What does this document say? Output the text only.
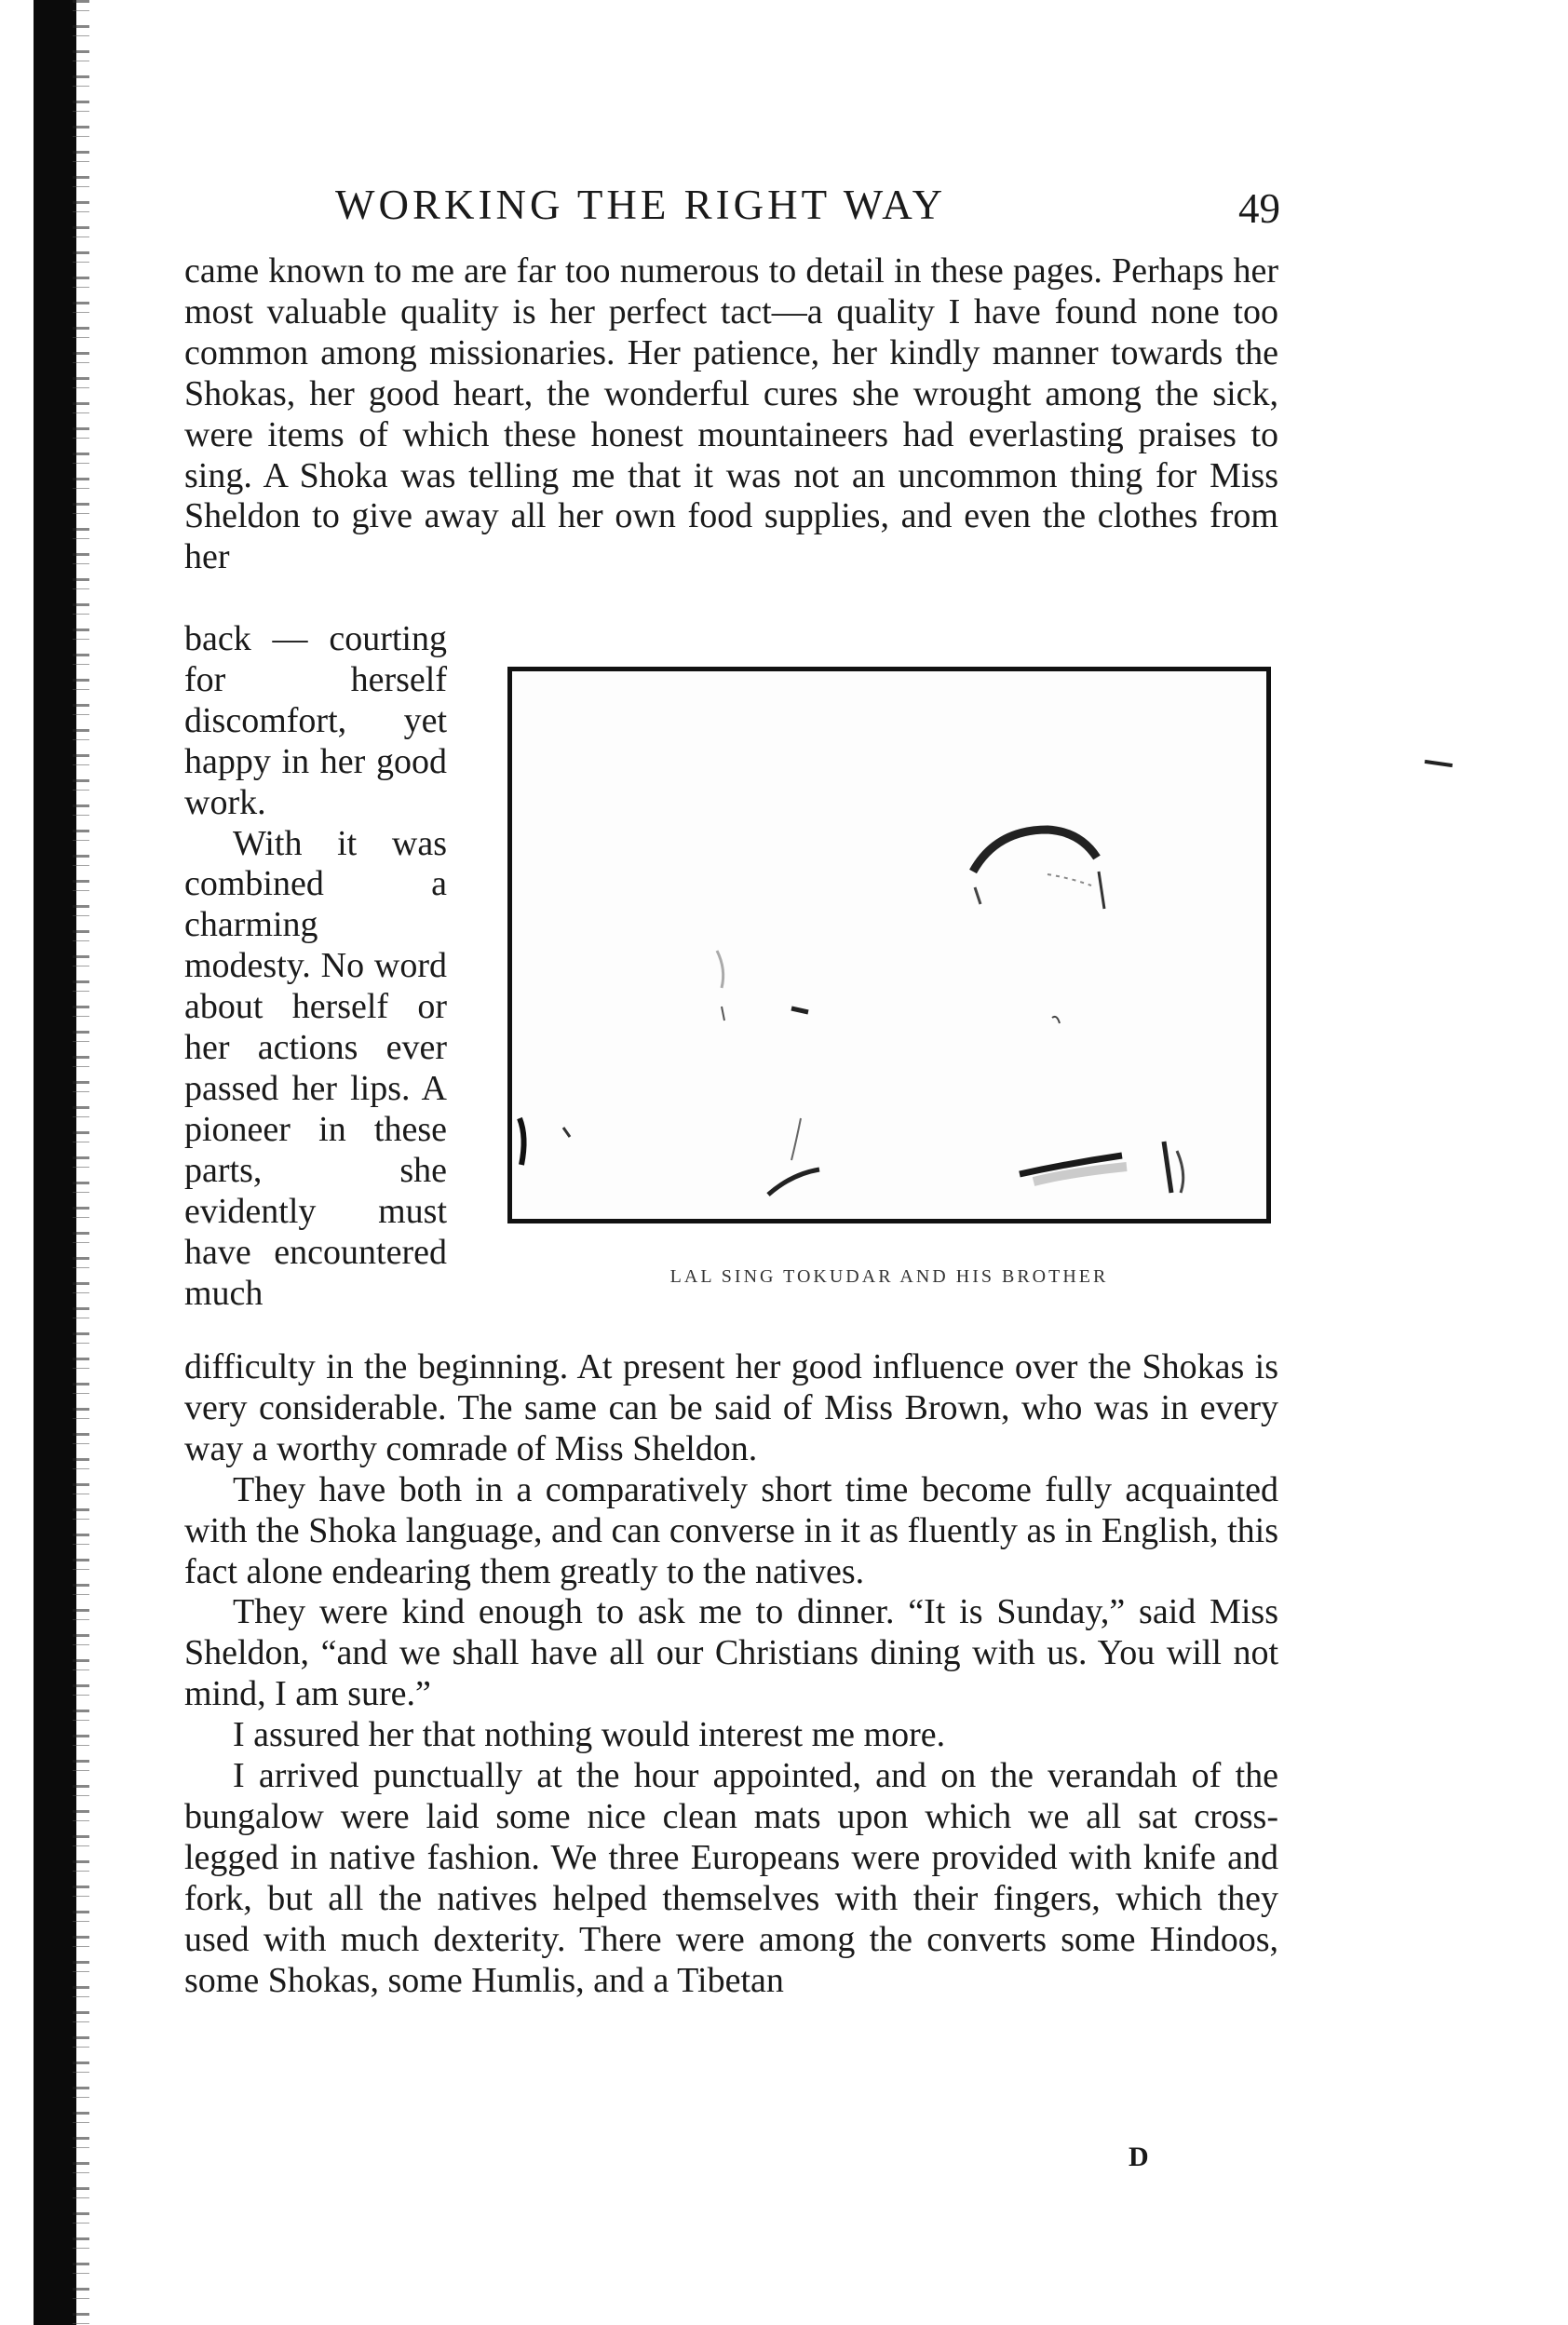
WORKING THE RIGHT WAY	49

came known to me are far too numerous to detail in these pages. Perhaps her most valuable quality is her perfect tact—a quality I have found none too common among missionaries. Her patience, her kindly manner towards the Shokas, her good heart, the wonderful cures she wrought among the sick, were items of which these honest mountaineers had everlasting praises to sing. A Shoka was telling me that it was not an uncommon thing for Miss Sheldon to give away all her own food supplies, and even the clothes from her

back — courting for herself discomfort, yet happy in her good work.

With it was combined a charming modesty. No word about herself or her actions ever passed her lips. A pioneer in these parts, she evidently must have encountered much	LAL SING TOKUDAR AND HIS BROTHER

difficulty in the beginning. At present her good influence over the Shokas is very considerable. The same can be said of Miss Brown, who was in every way a worthy comrade of Miss Sheldon.

They have both in a comparatively short time become fully acquainted with the Shoka language, and can converse in it as fluently as in English, this fact alone endearing them greatly to the natives.

They were kind enough to ask me to dinner. “It is Sunday,” said Miss Sheldon, “and we shall have all our Christians dining with us. You will not mind, I am sure.”

I assured her that nothing would interest me more.

I arrived punctually at the hour appointed, and on the verandah of the bungalow were laid some nice clean mats upon which we all sat cross-legged in native fashion. We three Europeans were provided with knife and fork, but all the natives helped themselves with their fingers, which they used with much dexterity. There were among the converts some Hindoos, some Shokas, some Humlis, and a Tibetan

D
